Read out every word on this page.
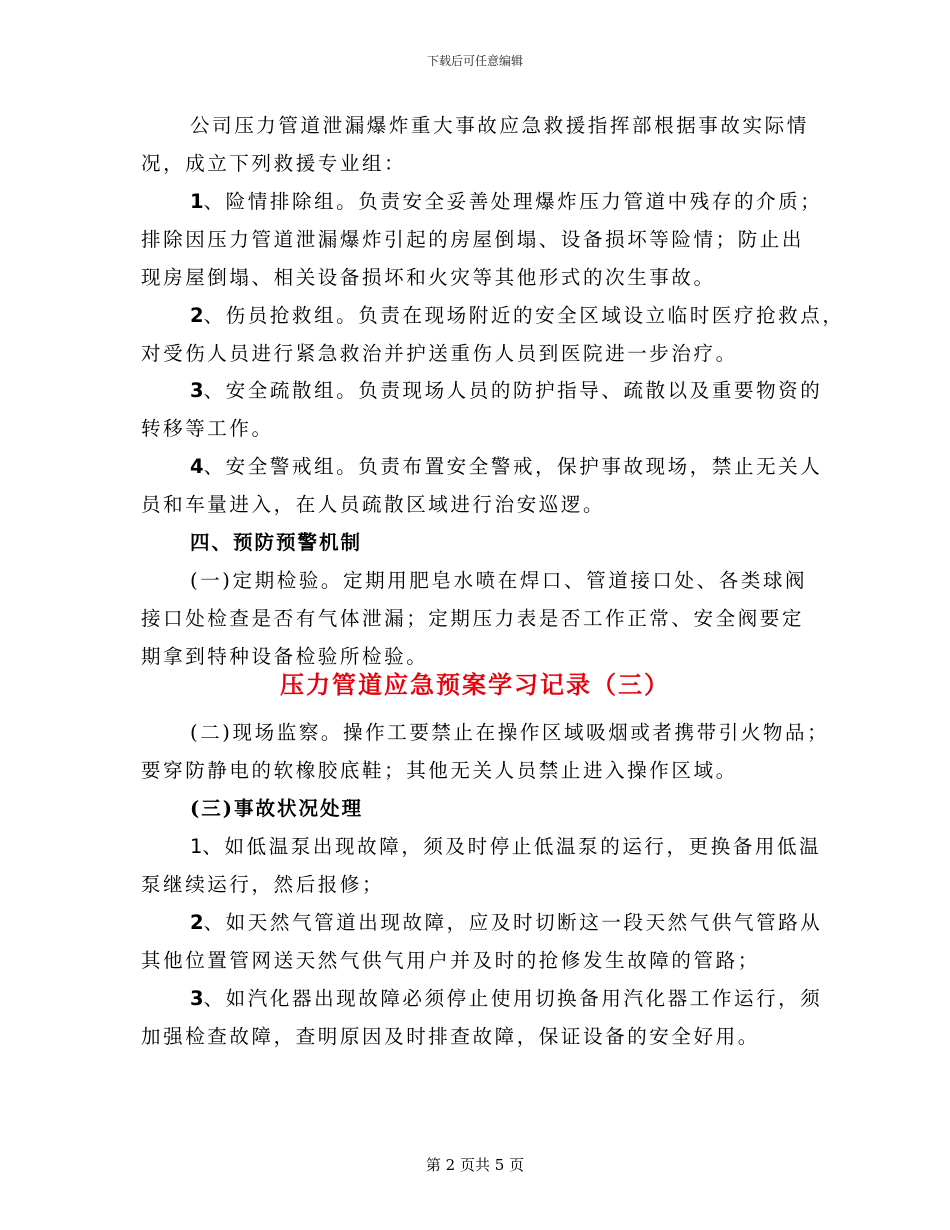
下载后可任意编辑
公司压力管道泄漏爆炸重大事故应急救援指挥部根据事故实际情
况，成立下列救援专业组：
1、险情排除组。负责安全妥善处理爆炸压力管道中残存的介质；
排除因压力管道泄漏爆炸引起的房屋倒塌、设备损坏等险情；防止出
现房屋倒塌、相关设备损坏和火灾等其他形式的次生事故。
2、伤员抢救组。负责在现场附近的安全区域设立临时医疗抢救点，
对受伤人员进行紧急救治并护送重伤人员到医院进一步治疗。
3、安全疏散组。负责现场人员的防护指导、疏散以及重要物资的
转移等工作。
4、安全警戒组。负责布置安全警戒，保护事故现场，禁止无关人
员和车量进入，在人员疏散区域进行治安巡逻。
四、预防预警机制
(一)定期检验。定期用肥皂水喷在焊口、管道接口处、各类球阀
接口处检查是否有气体泄漏；定期压力表是否工作正常、安全阀要定
期拿到特种设备检验所检验。
压力管道应急预案学习记录（三）
(二)现场监察。操作工要禁止在操作区域吸烟或者携带引火物品；
要穿防静电的软橡胶底鞋；其他无关人员禁止进入操作区域。
(三)事故状况处理
1、如低温泵出现故障，须及时停止低温泵的运行，更换备用低温
泵继续运行，然后报修；
2、如天然气管道出现故障，应及时切断这一段天然气供气管路从
其他位置管网送天然气供气用户并及时的抢修发生故障的管路；
3、如汽化器出现故障必须停止使用切换备用汽化器工作运行，须
加强检查故障，查明原因及时排查故障，保证设备的安全好用。
第 2 页共 5 页
